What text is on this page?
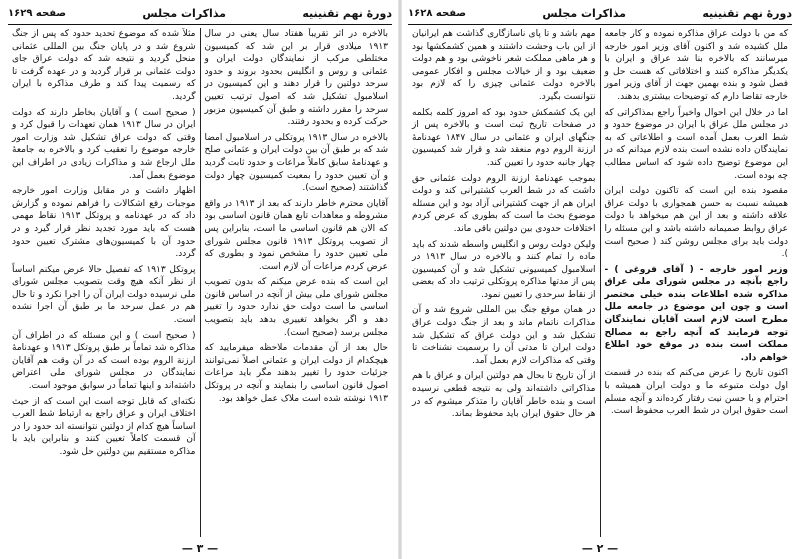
دورهٔ نهم تقنینیه
مذاکرات مجلس
صفحه ۱۶۲۹

بالاخره در اثر تقریباً هفتاد سال یعنی در سال ۱۹۱۳ میلادی قرار بر این شد که کمیسیون مختلطی مرکب از نمایندگان دولت ایران و عثمانی و روس و انگلیس بحدود بروند و حدود سرحد دولتین را قرار دهند و این کمیسیون در اسلامبول تشکیل شد که اصول ترتیب تعیین سرحد را مقرر داشته و طبق آن کمیسیون مزبور حرکت کرده و بحدود رفتند.

بالاخره در سال ۱۹۱۳ پروتکلی در اسلامبول امضا شد که بر طبق آن بین دولت ایران و عثمانی صلح و عهدنامهٔ سابق کاملاً مراعات و حدود ثابت گردید و آن تعیین حدود را بمعیت کمیسیون چهار دولت گذاشتند (صحیح است).

آقایان محترم خاطر دارند که بعد از ۱۹۱۳ در واقع مشروطه و معاهدات تابع همان قانون اساسی بود که الان هم قانون اساسی ما است، بنابراین پس از تصویب پروتکل ۱۹۱۳ قانون مجلس شورای ملی تعیین حدود را مشخص نمود و بطوری که عرض کردم مراعات آن لازم است.

این است که بنده عرض میکنم که بدون تصویب مجلس شورای ملی بیش از آنچه در اساس قانون اساسی ما است دولت حق ندارد حدود را تغییر دهد و اگر بخواهد تغییری بدهد باید بتصویب مجلس برسد (صحیح است).

حال بعد از آن مقدمات ملاحظه میفرمایید که هیچکدام از دولت ایران و عثمانی اصلاً نمی‌توانند جزئیات حدود را تغییر بدهند مگر باید مراعات اصول قانون اساسی را بنمایند و آنچه در پروتکل ۱۹۱۳ نوشته شده است ملاک عمل خواهد بود.

مثلاً شده که موضوع تحدید حدود که پس از جنگ شروع شد و در پایان جنگ بین المللی عثمانی منحل گردید و نتیجه شد که دولت عراق جای دولت عثمانی بر قرار گردید و در عهده گرفت تا که رسمیت پیدا کند و طرف مذاکره با ایران گردید.

( صحیح است ) و آقایان بخاطر دارند که دولت ایران در سال ۱۹۱۳ همان تعهدات را قبول کرد و وقتی که دولت عراق تشکیل شد وزارت امور خارجه موضوع را تعقیب کرد و بالاخره به جامعهٔ ملل ارجاع شد و مذاکرات زیادی در اطراف این موضوع بعمل آمد.

اظهار داشت و در مقابل وزارت امور خارجه موجبات رفع اشکالات را فراهم نموده و گزارش داد که در عهدنامه و پروتکل ۱۹۱۳ نقاط مهمی هست که باید مورد تجدید نظر قرار گیرد و در حدود آن با کمیسیون‌های مشترک تعیین حدود گردد.

پروتکل ۱۹۱۳ که تفصیل حالا عرض میکنم اساساً از نظر آنکه هیچ وقت بتصویب مجلس شورای ملی نرسیده دولت ایران آن را اجرا نکرد و تا حال هم در عمل سرحد ما بر طبق آن اجرا نشده است.

( صحیح است ) و این مسئله که در اطراف آن مذاکره شد تماماً بر طبق پروتکل ۱۹۱۳ و عهدنامهٔ ارزنة الروم بوده است که در آن وقت هم آقایان نمایندگان در مجلس شورای ملی اعتراض داشته‌اند و اینها تماماً در سوابق موجود است.

نکته‌ای که قابل توجه است این است که از حیث اختلاف ایران و عراق راجع به ارتباط شط العرب اساساً هیچ کدام از دولتین نتوانسته اند حدود را در آن قسمت کاملاً تعیین کنند و بنابراین باید با مذاکره مستقیم بین دولتین حل شود.

— ۳ —
دورهٔ نهم تقنینیه
مذاکرات مجلس
صفحه ۱۶۲۸

که من با دولت عراق مذاکره نموده و کار جامعه ملل کشیده شد و اکنون آقای وزیر امور خارجه میرسانند که بالاخره بنا شد عراق و ایران با یکدیگر مذاکره کنند و اختلافاتی که هست حل و فصل شود و بنده بهمین جهت از آقای وزیر امور خارجه تقاضا دارم که توضیحات بیشتری بدهند.

اما در خلال این احوال واخیراً راجع بمذاکراتی که در مجلس ملل عراق با ایران در موضوع حدود و شط العرب بعمل آمده است و اطلاعاتی که به نمایندگان داده نشده است بنده لازم میدانم که در این موضوع توضیح داده شود که اساس مطالب چه بوده است.

مقصود بنده این است که تاکنون دولت ایران همیشه نسبت به حسن همجواری با دولت عراق علاقه داشته و بعد از این هم میخواهد با دولت عراق روابط صمیمانه داشته باشد و این مسئله را دولت باید برای مجلس روشن کند ( صحیح است ).

وزیر امور خارجه - ( آقای فروغی ) - راجع بآنچه در مجلس شورای ملی عراق مذاکره شده اطلاعات بنده خیلی مختصر است و چون این موضوع در جامعه ملل مطرح است لازم است آقایان نمایندگان توجه فرمایند که آنچه راجع به مصالح مملکت است بنده در موقع خود اطلاع خواهم داد.

اکنون تاریخ را عرض می‌کنم که بنده در قسمت اول دولت متبوعه ما و دولت ایران همیشه با احترام و با حسن نیت رفتار کرده‌اند و آنچه مسلم است حقوق ایران در شط العرب محفوظ است.

مهم باشد و تا پای ناسازگاری گذاشت هم ایرانیان از این باب وحشت داشتند و همین کشمکشها بود و هر ماهی مملکت شعر ناخوشی بود و هم دولت ضعیف بود و از خیالات مجلس و افکار عمومی بالاخره دولت عثمانی چیزی را که لازم بود نتوانست بگیرد.

این یک کشمکش حدود بود که امروز کلمه بکلمه در صفحات تاریخ ثبت است و بالاخره پس از جنگهای ایران و عثمانی در سال ۱۸۴۷ عهدنامهٔ ارزنة الروم دوم منعقد شد و قرار شد کمیسیون چهار جانبه حدود را تعیین کند.

بموجب عهدنامهٔ ارزنة الروم دولت عثمانی حق داشت که در شط العرب کشتیرانی کند و دولت ایران هم از جهت کشتیرانی آزاد بود و این مسئله موضوع بحث ما است که بطوری که عرض کردم اختلافات حدودی بین دولتین باقی ماند.

ولیکن دولت روس و انگلیس واسطه شدند که باید ماده را تمام کنند و بالاخره در سال ۱۹۱۳ در اسلامبول کمیسیونی تشکیل شد و آن کمیسیون پس از مدتها مذاکره پروتکلی ترتیب داد که بعضی از نقاط سرحدی را تعیین نمود.

در همان موقع جنگ بین المللی شروع شد و آن مذاکرات ناتمام ماند و بعد از جنگ دولت عراق تشکیل شد و این دولت عراق که تشکیل شد دولت ایران تا مدتی آن را برسمیت نشناخت تا وقتی که مذاکرات لازم بعمل آمد.

از آن تاریخ تا بحال هم دولتین ایران و عراق با هم مذاکراتی داشته‌اند ولی به نتیجه قطعی نرسیده است و بنده خاطر آقایان را متذکر میشوم که در هر حال حقوق ایران باید محفوظ بماند.

— ۲ —
